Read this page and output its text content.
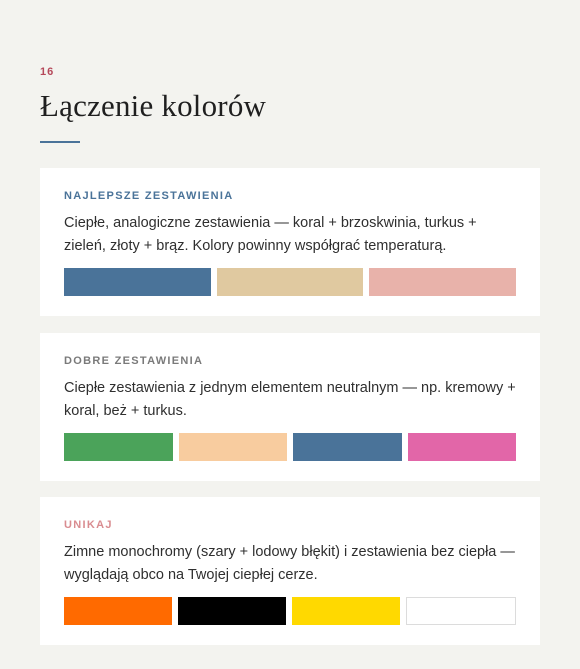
16
Łączenie kolorów
NAJLEPSZE ZESTAWIENIA
Ciepłe, analogiczne zestawienia — koral + brzoskwinia, turkus + zieleń, złoty + brąz. Kolory powinny współgrać temperaturą.
DOBRE ZESTAWIENIA
Ciepłe zestawienia z jednym elementem neutralnym — np. kremowy + koral, beż + turkus.
UNIKAJ
Zimne monochromy (szary + lodowy błękit) i zestawienia bez ciepła — wyglądają obco na Twojej ciepłej cerze.
